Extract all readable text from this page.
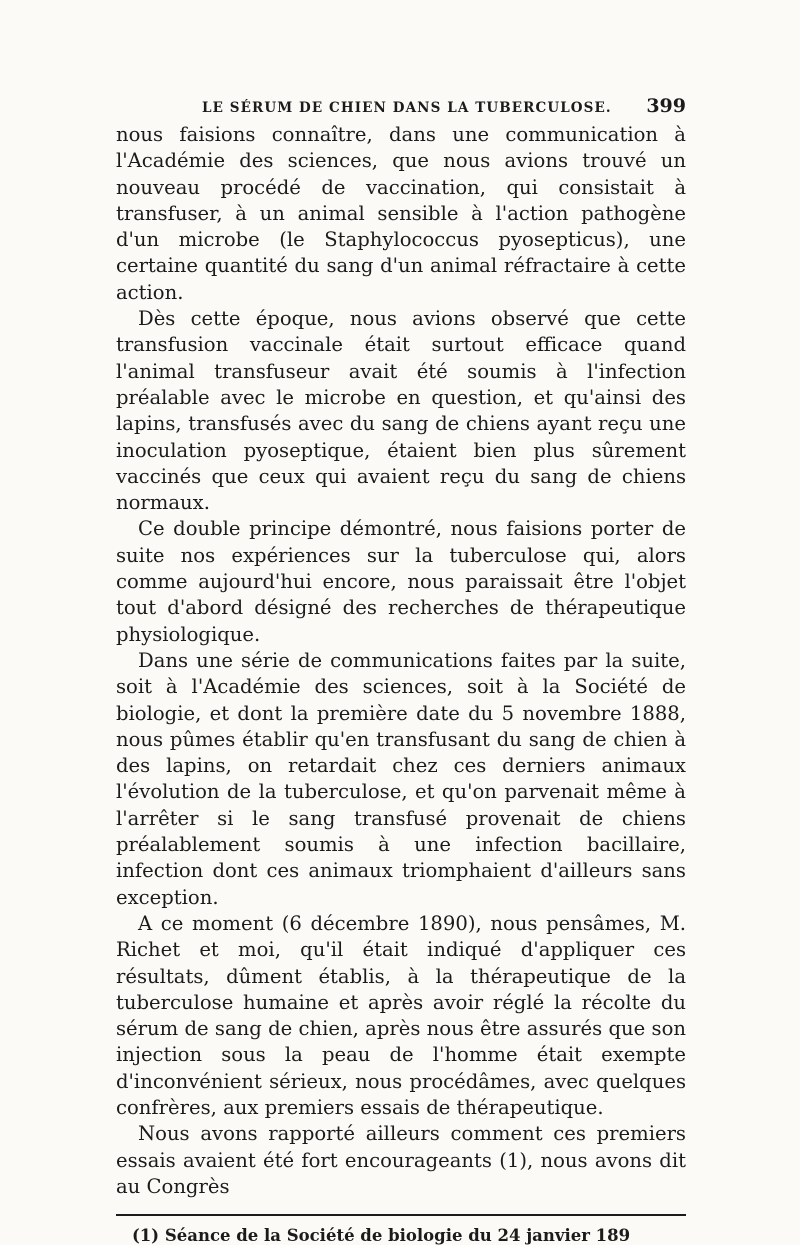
LE SÉRUM DE CHIEN DANS LA TUBERCULOSE. 399

nous faisions connaître, dans une communication à l'Académie des sciences, que nous avions trouvé un nouveau procédé de vaccination, qui consistait à transfuser, à un animal sensible à l'action pathogène d'un microbe (le Staphylococcus pyosepticus), une certaine quantité du sang d'un animal réfractaire à cette action.

Dès cette époque, nous avions observé que cette transfusion vaccinale était surtout efficace quand l'animal transfuseur avait été soumis à l'infection préalable avec le microbe en question, et qu'ainsi des lapins, transfusés avec du sang de chiens ayant reçu une inoculation pyoseptique, étaient bien plus sûrement vaccinés que ceux qui avaient reçu du sang de chiens normaux.

Ce double principe démontré, nous faisions porter de suite nos expériences sur la tuberculose qui, alors comme aujourd'hui encore, nous paraissait être l'objet tout d'abord désigné des recherches de thérapeutique physiologique.

Dans une série de communications faites par la suite, soit à l'Académie des sciences, soit à la Société de biologie, et dont la première date du 5 novembre 1888, nous pûmes établir qu'en transfusant du sang de chien à des lapins, on retardait chez ces derniers animaux l'évolution de la tuberculose, et qu'on parvenait même à l'arrêter si le sang transfusé provenait de chiens préalablement soumis à une infection bacillaire, infection dont ces animaux triomphaient d'ailleurs sans exception.

A ce moment (6 décembre 1890), nous pensâmes, M. Richet et moi, qu'il était indiqué d'appliquer ces résultats, dûment établis, à la thérapeutique de la tuberculose humaine et après avoir réglé la récolte du sérum de sang de chien, après nous être assurés que son injection sous la peau de l'homme était exempte d'inconvénient sérieux, nous procédâmes, avec quelques confrères, aux premiers essais de thérapeutique.

Nous avons rapporté ailleurs comment ces premiers essais avaient été fort encourageants (1), nous avons dit au Congrès

(1) Séance de la Société de biologie du 24 janvier 189
